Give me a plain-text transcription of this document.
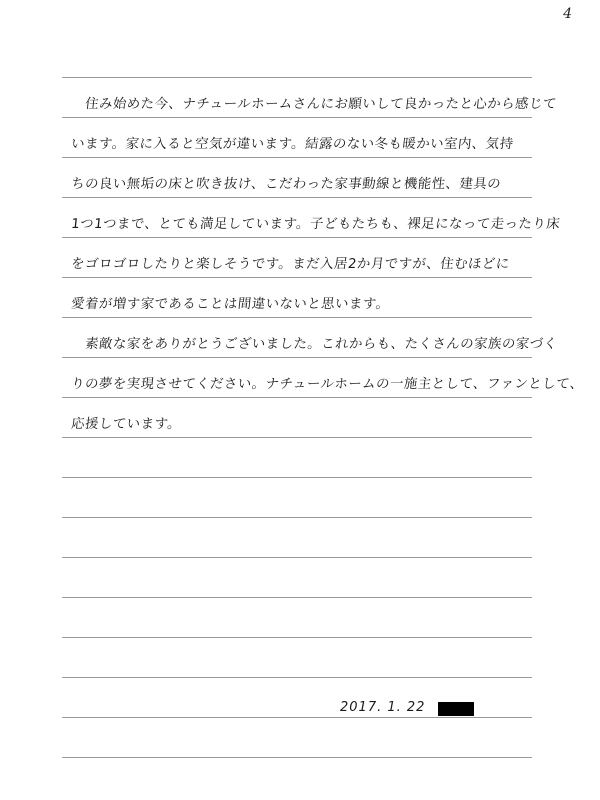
4
住み始めた今、ナチュールホームさんにお願いして良かったと心から感じて
います。家に入ると空気が違います。結露のない冬も暖かい室内、気持
ちの良い無垢の床と吹き抜け、こだわった家事動線と機能性、建具の
1つ1つまで、とても満足しています。子どもたちも、裸足になって走ったり床
をゴロゴロしたりと楽しそうです。まだ入居2か月ですが、住むほどに
愛着が増す家であることは間違いないと思います。
素敵な家をありがとうございました。これからも、たくさんの家族の家づく
りの夢を実現させてください。ナチュールホームの一施主として、ファンとして、
応援しています。
2017. 1. 22
